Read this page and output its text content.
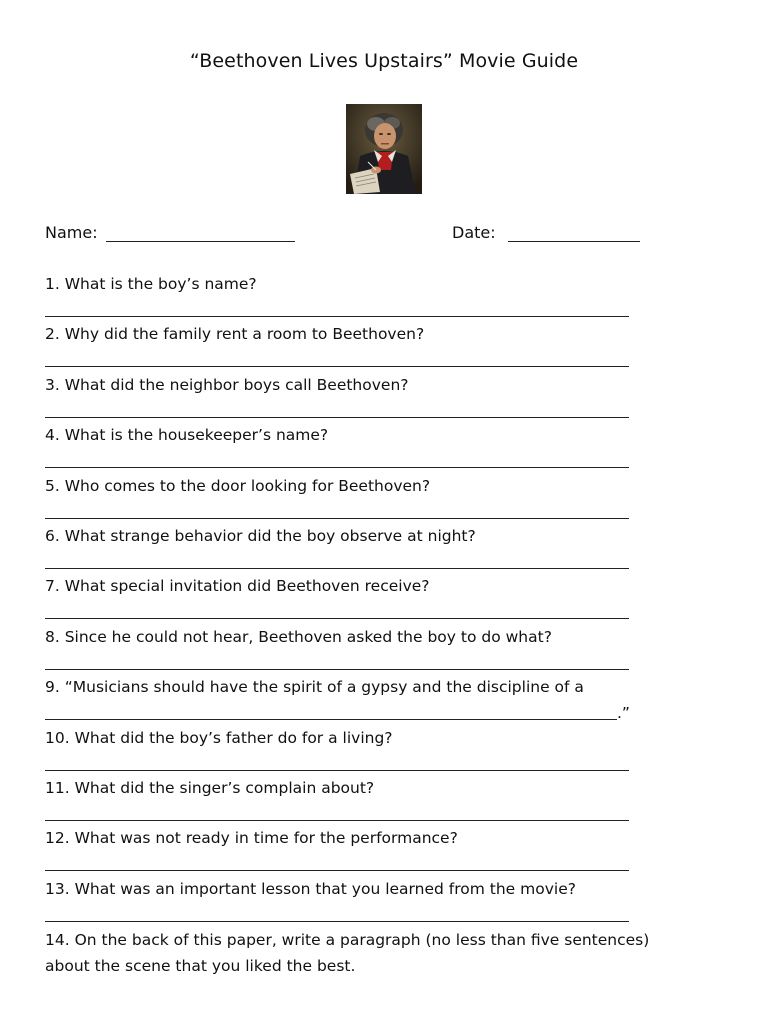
“Beethoven Lives Upstairs” Movie Guide
Name:	Date:
1. What is the boy’s name?
2. Why did the family rent a room to Beethoven?
3. What did the neighbor boys call Beethoven?
4. What is the housekeeper’s name?
5. Who comes to the door looking for Beethoven?
6. What strange behavior did the boy observe at night?
7. What special invitation did Beethoven receive?
8. Since he could not hear, Beethoven asked the boy to do what?
9. “Musicians should have the spirit of a gypsy and the discipline of a
.”
10. What did the boy’s father do for a living?
11. What did the singer’s complain about?
12. What was not ready in time for the performance?
13. What was an important lesson that you learned from the movie?
14. On the back of this paper, write a paragraph (no less than five sentences)
about the scene that you liked the best.
